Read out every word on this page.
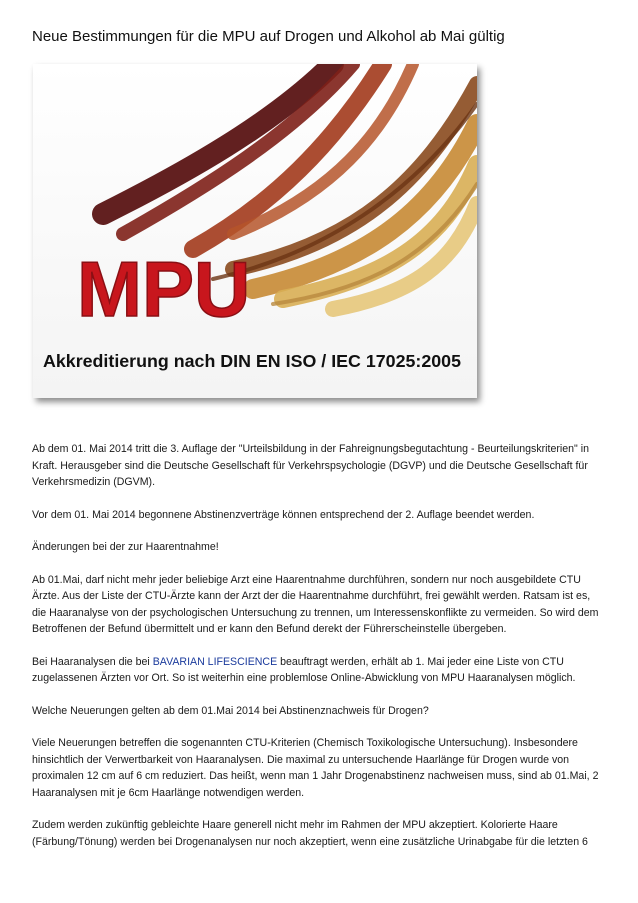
Neue Bestimmungen für die MPU auf Drogen und Alkohol ab Mai gültig
MPU
Akkreditierung nach DIN EN ISO / IEC 17025:2005

Ab dem 01. Mai 2014 tritt die 3. Auflage der "Urteilsbildung in der Fahreignungsbegutachtung - Beurteilungskriterien" in Kraft. Herausgeber sind die Deutsche Gesellschaft für Verkehrspsychologie (DGVP) und die Deutsche Gesellschaft für Verkehrsmedizin (DGVM).

Vor dem 01. Mai 2014 begonnene Abstinenzverträge können entsprechend der 2. Auflage beendet werden.

Änderungen bei der zur Haarentnahme!

Ab 01.Mai, darf nicht mehr jeder beliebige Arzt eine Haarentnahme durchführen, sondern nur noch ausgebildete CTU Ärzte. Aus der Liste der CTU-Ärzte kann der Arzt der die Haarentnahme durchführt, frei gewählt werden. Ratsam ist es, die Haaranalyse von der psychologischen Untersuchung zu trennen, um Interessenskonflikte zu vermeiden. So wird dem Betroffenen der Befund übermittelt und er kann den Befund derekt der Führerscheinstelle übergeben.

Bei Haaranalysen die bei BAVARIAN LIFESCIENCE beauftragt werden, erhält ab 1. Mai jeder eine Liste von CTU zugelassenen Ärzten vor Ort. So ist weiterhin eine problemlose Online-Abwicklung von MPU Haaranalysen möglich.

Welche Neuerungen gelten ab dem 01.Mai 2014 bei Abstinenznachweis für Drogen?

Viele Neuerungen betreffen die sogenannten CTU-Kriterien (Chemisch Toxikologische Untersuchung). Insbesondere hinsichtlich der Verwertbarkeit von Haaranalysen. Die maximal zu untersuchende Haarlänge für Drogen wurde von proximalen 12 cm auf 6 cm reduziert. Das heißt, wenn man 1 Jahr Drogenabstinenz nachweisen muss, sind ab 01.Mai, 2 Haaranalysen mit je 6cm Haarlänge notwendigen werden.

Zudem werden zukünftig gebleichte Haare generell nicht mehr im Rahmen der MPU akzeptiert. Kolorierte Haare (Färbung/Tönung) werden bei Drogenanalysen nur noch akzeptiert, wenn eine zusätzliche Urinabgabe für die letzten 6
